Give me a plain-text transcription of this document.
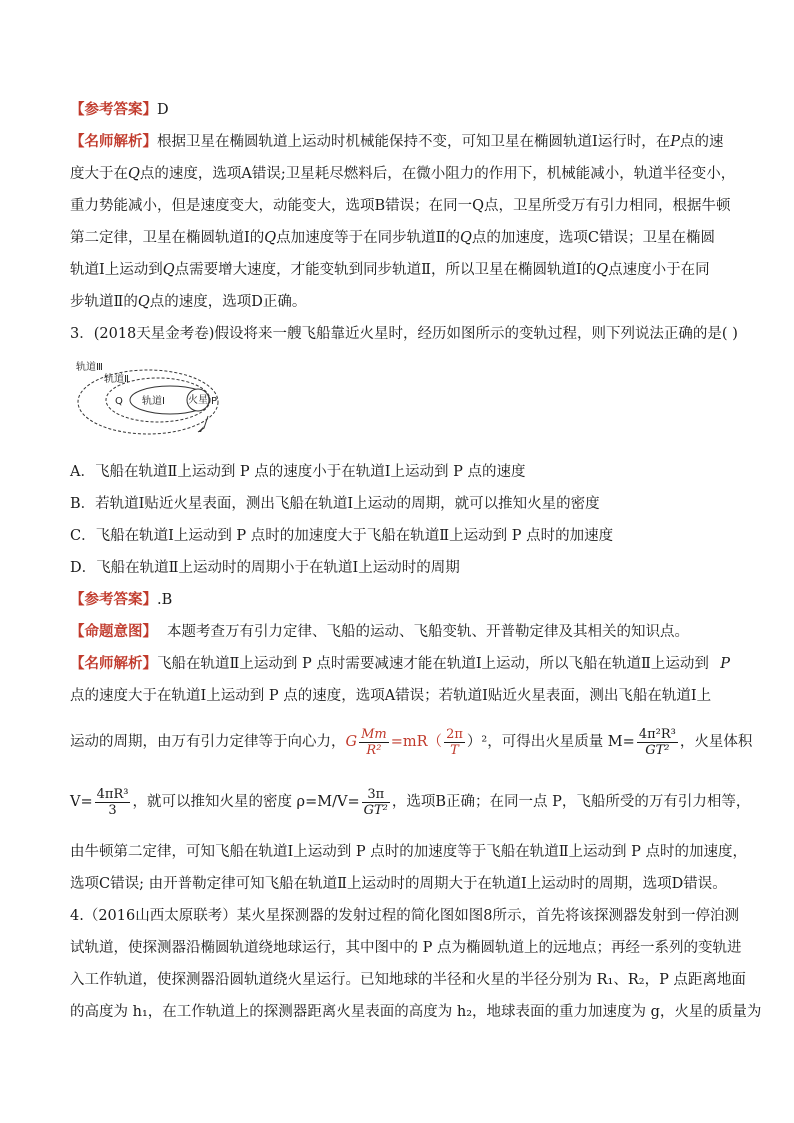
【参考答案】D
【名师解析】根据卫星在椭圆轨道上运动时机械能保持不变，可知卫星在椭圆轨道Ⅰ运行时，在P点的速
度大于在Q点的速度，选项A错误;卫星耗尽燃料后，在微小阻力的作用下，机械能减小，轨道半径变小，
重力势能减小，但是速度变大，动能变大，选项B错误；在同一Q点，卫星所受万有引力相同，根据牛顿
第二定律，卫星在椭圆轨道Ⅰ的Q点加速度等于在同步轨道Ⅱ的Q点的加速度，选项C错误；卫星在椭圆
轨道Ⅰ上运动到Q点需要增大速度，才能变轨到同步轨道Ⅱ，所以卫星在椭圆轨道Ⅰ的Q点速度小于在同
步轨道Ⅱ的Q点的速度，选项D正确。
3．(2018天星金考卷)假设将来一艘飞船靠近火星时，经历如图所示的变轨过程，则下列说法正确的是( )
轨道Ⅲ
轨道Ⅱ
轨道Ⅰ 火星
Q	P
A．飞船在轨道Ⅱ上运动到 P 点的速度小于在轨道Ⅰ上运动到 P 点的速度
B．若轨道Ⅰ贴近火星表面，测出飞船在轨道Ⅰ上运动的周期，就可以推知火星的密度
C．飞船在轨道Ⅰ上运动到 P 点时的加速度大于飞船在轨道Ⅱ上运动到 P 点时的加速度
D．飞船在轨道Ⅱ上运动时的周期小于在轨道Ⅰ上运动时的周期
【参考答案】.B
【命题意图】 本题考查万有引力定律、飞船的运动、飞船变轨、开普勒定律及其相关的知识点。
【名师解析】飞船在轨道Ⅱ上运动到 P 点时需要减速才能在轨道Ⅰ上运动，所以飞船在轨道Ⅱ上运动到 P
点的速度大于在轨道Ⅰ上运动到 P 点的速度，选项A错误；若轨道Ⅰ贴近火星表面，测出飞船在轨道Ⅰ上
运动的周期，由万有引力定律等于向心力，G $\frac{Mm}{\text{R²}} =mR( \frac{2\pi}{T} )^2$，可得出火星质量 $M= \frac{\text{4π²R³}}{\text{GT²}}$ ，火星体积
$V= \frac{\text{4πR³}}{3}$ ，就可以推知火星的密度 $\rho=M/V= \frac{3\pi}{\text{GT²}}$ ，选项B正确；在同一点 P，飞船所受的万有引力相等，
由牛顿第二定律，可知飞船在轨道Ⅰ上运动到 P 点时的加速度等于飞船在轨道Ⅱ上运动到 P 点时的加速度，
选项C错误; 由开普勒定律可知飞船在轨道Ⅱ上运动时的周期大于在轨道Ⅰ上运动时的周期，选项D错误。
4.（2016山西太原联考）某火星探测器的发射过程的简化图如图8所示，首先将该探测器发射到一停泊测
试轨道，使探测器沿椭圆轨道绕地球运行，其中图中的 P 点为椭圆轨道上的远地点；再经一系列的变轨进
入工作轨道，使探测器沿圆轨道绕火星运行。已知地球的半径和火星的半径分别为 R₁、R₂，P 点距离地面
的高度为 h₁，在工作轨道上的探测器距离火星表面的高度为 h₂，地球表面的重力加速度为 g，火星的质量为
